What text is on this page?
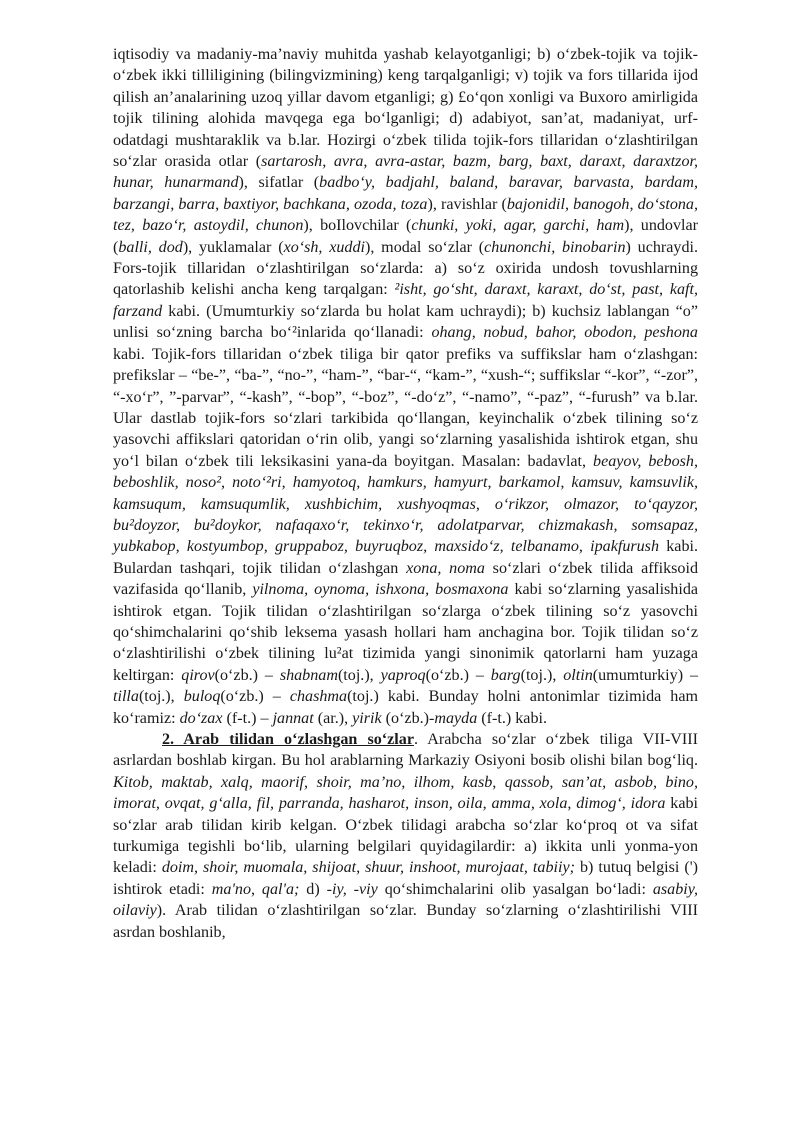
iqtisodiy va madaniy-ma’naviy muhitda yashab kelayotganligi; b) o‘zbek-tojik va tojik-o‘zbek ikki tilliligining (bilingvizmining) keng tarqalganligi; v) tojik va fors tillarida ijod qilish an’analarining uzoq yillar davom etganligi; g) £o‘qon xonligi va Buxoro amirligida tojik tilining alohida mavqega ega bo‘lganligi; d) adabiyot, san’at, madaniyat, urf-odatdagi mushtaraklik va b.lar. Hozirgi o‘zbek tilida tojik-fors tillaridan o‘zlashtirilgan so‘zlar orasida otlar (sartarosh, avra, avra-astar, bazm, barg, baxt, daraxt, daraxtzor, hunar, hunarmand), sifatlar (badbo‘y, badjahl, baland, baravar, barvasta, bardam, barzangi, barra, baxtiyor, bachkana, ozoda, toza), ravishlar (bajonidil, banogoh, do‘stona, tez, bazo‘r, astoydil, chunon), boIlovchilar (chunki, yoki, agar, garchi, ham), undovlar (balli, dod), yuklamalar (xo‘sh, xuddi), modal so‘zlar (chunonchi, binobarin) uchraydi. Fors-tojik tillaridan o‘zlashtirilgan so‘zlarda: a) so‘z oxirida undosh tovushlarning qatorlashib kelishi ancha keng tarqalgan: ²isht, go‘sht, daraxt, karaxt, do‘st, past, kaft, farzand kabi. (Umumturkiy so‘zlarda bu holat kam uchraydi); b) kuchsiz lablangan “o” unlisi so‘zning barcha bo‘²inlarida qo‘llanadi: ohang, nobud, bahor, obodon, peshona kabi. Tojik-fors tillaridan o‘zbek tiliga bir qator prefiks va suffikslar ham o‘zlashgan: prefikslar – “be-”, “ba-”, “no-”, “ham-”, “bar-“, “kam-”, “xush-“; suffikslar “-kor”, “-zor”, “-xo‘r”, ”-parvar”, “-kash”, “-bop”, “-boz”, “-do‘z”, “-namo”, “-paz”, “-furush” va b.lar. Ular dastlab tojik-fors so‘zlari tarkibida qo‘llangan, keyinchalik o‘zbek tilining so‘z yasovchi affikslari qatoridan o‘rin olib, yangi so‘zlarning yasalishida ishtirok etgan, shu yo‘l bilan o‘zbek tili leksikasini yana-da boyitgan. Masalan: badavlat, beayov, bebosh, beboshlik, noso², noto‘²ri, hamyotoq, hamkurs, hamyurt, barkamol, kamsuv, kamsuvlik, kamsuqum, kamsuqumlik, xushbichim, xushyoqmas, o‘rikzor, olmazor, to‘qayzor, bu²doyzor, bu²doykor, nafaqaxo‘r, tekinxo‘r, adolatparvar, chizmakash, somsapaz, yubkabop, kostyumbop, gruppaboz, buyruqboz, maxsido‘z, telbanamo, ipakfurush kabi. Bulardan tashqari, tojik tilidan o‘zlashgan xona, noma so‘zlari o‘zbek tilida affiksoid vazifasida qo‘llanib, yilnoma, oynoma, ishxona, bosmaxona kabi so‘zlarning yasalishida ishtirok etgan. Tojik tilidan o‘zlashtirilgan so‘zlarga o‘zbek tilining so‘z yasovchi qo‘shimchalarini qo‘shib leksema yasash hollari ham anchagina bor. Tojik tilidan so‘z o‘zlashtirilishi o‘zbek tilining lu²at tizimida yangi sinonimik qatorlarni ham yuzaga keltirgan: qirov(o‘zb.) – shabnam(toj.), yaproq(o‘zb.) – barg(toj.), oltin(umumturkiy) – tilla(toj.), buloq(o‘zb.) – chashma(toj.) kabi. Bunday holni antonimlar tizimida ham ko‘ramiz: do‘zax (f-t.) – jannat (ar.), yirik (o‘zb.)-mayda (f-t.) kabi.

2. Arab tilidan o‘zlashgan so‘zlar. Arabcha so‘zlar o‘zbek tiliga VII-VIII asrlardan boshlab kirgan. Bu hol arablarning Markaziy Osiyoni bosib olishi bilan bog‘liq. Kitob, maktab, xalq, maorif, shoir, ma’no, ilhom, kasb, qassob, san’at, asbob, bino, imorat, ovqat, g‘alla, fil, parranda, hasharot, inson, oila, amma, xola, dimog‘, idora kabi so‘zlar arab tilidan kirib kelgan. O‘zbek tilidagi arabcha so‘zlar ko‘proq ot va sifat turkumiga tegishli bo‘lib, ularning belgilari quyidagilardir: a) ikkita unli yonma-yon keladi: doim, shoir, muomala, shijoat, shuur, inshoot, murojaat, tabiiy; b) tutuq belgisi (') ishtirok etadi: ma'no, qal'a; d) -iy, -viy qo‘shimchalarini olib yasalgan bo‘ladi: asabiy, oilaviy). Arab tilidan o‘zlashtirilgan so‘zlar. Bunday so‘zlarning o‘zlashtirilishi VIII asrdan boshlanib,
